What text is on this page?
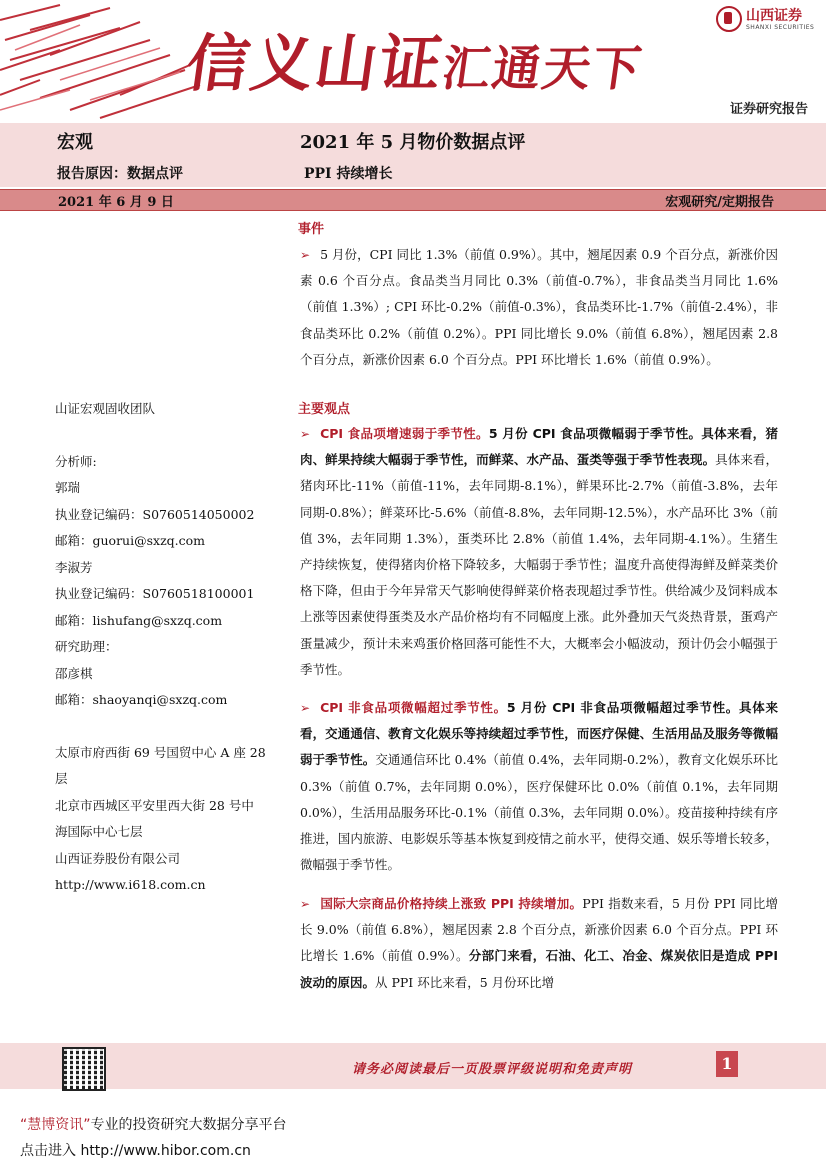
信义山证汇通天下
山西证券
SHANXI SECURITIES
证券研究报告
宏观	2021 年 5 月物价数据点评
报告原因：数据点评	PPI 持续增长
2021 年 6 月 9 日	宏观研究/定期报告
山证宏观固收团队
分析师:
郭瑞
执业登记编码：S0760514050002
邮箱：guorui@sxzq.com
李淑芳
执业登记编码：S0760518100001
邮箱：lishufang@sxzq.com
研究助理：
邵彦棋
邮箱：shaoyanqi@sxzq.com
太原市府西街 69 号国贸中心 A 座 28
层
北京市西城区平安里西大街 28 号中
海国际中心七层
山西证券股份有限公司
http://www.i618.com.cn
事件
➢ 5 月份，CPI 同比 1.3%（前值 0.9%）。其中，翘尾因素 0.9 个百分点，新涨价因素 0.6 个百分点。食品类当月同比 0.3%（前值-0.7%），非食品类当月同比 1.6%（前值 1.3%）; CPI 环比-0.2%（前值-0.3%），食品类环比-1.7%（前值-2.4%），非食品类环比 0.2%（前值 0.2%）。PPI 同比增长 9.0%（前值 6.8%），翘尾因素 2.8 个百分点，新涨价因素 6.0 个百分点。PPI 环比增长 1.6%（前值 0.9%）。
主要观点
➢ CPI 食品项增速弱于季节性。5 月份 CPI 食品项微幅弱于季节性。具体来看，猪肉、鲜果持续大幅弱于季节性，而鲜菜、水产品、蛋类等强于季节性表现。具体来看，猪肉环比-11%（前值-11%，去年同期-8.1%），鲜果环比-2.7%（前值-3.8%，去年同期-0.8%）；鲜菜环比-5.6%（前值-8.8%，去年同期-12.5%），水产品环比 3%（前值 3%，去年同期 1.3%），蛋类环比 2.8%（前值 1.4%，去年同期-4.1%）。生猪生产持续恢复，使得猪肉价格下降较多，大幅弱于季节性；温度升高使得海鲜及鲜菜类价格下降，但由于今年异常天气影响使得鲜菜价格表现超过季节性。供给减少及饲料成本上涨等因素使得蛋类及水产品价格均有不同幅度上涨。此外叠加天气炎热背景，蛋鸡产蛋量减少，预计未来鸡蛋价格回落可能性不大，大概率会小幅波动，预计仍会小幅强于季节性。
➢ CPI 非食品项微幅超过季节性。5 月份 CPI 非食品项微幅超过季节性。具体来看，交通通信、教育文化娱乐等持续超过季节性，而医疗保健、生活用品及服务等微幅弱于季节性。交通通信环比 0.4%（前值 0.4%，去年同期-0.2%），教育文化娱乐环比 0.3%（前值 0.7%，去年同期 0.0%），医疗保健环比 0.0%（前值 0.1%，去年同期 0.0%），生活用品服务环比-0.1%（前值 0.3%，去年同期 0.0%）。疫苗接种持续有序推进，国内旅游、电影娱乐等基本恢复到疫情之前水平，使得交通、娱乐等增长较多，微幅强于季节性。
➢ 国际大宗商品价格持续上涨致 PPI 持续增加。PPI 指数来看，5 月份 PPI 同比增长 9.0%（前值 6.8%），翘尾因素 2.8 个百分点，新涨价因素 6.0 个百分点。PPI 环比增长 1.6%（前值 0.9%）。分部门来看，石油、化工、冶金、煤炭依旧是造成 PPI 波动的原因。从 PPI 环比来看，5 月份环比增
请务必阅读最后一页股票评级说明和免责声明	1
“慧博资讯”专业的投资研究大数据分享平台
点击进入 http://www.hibor.com.cn
